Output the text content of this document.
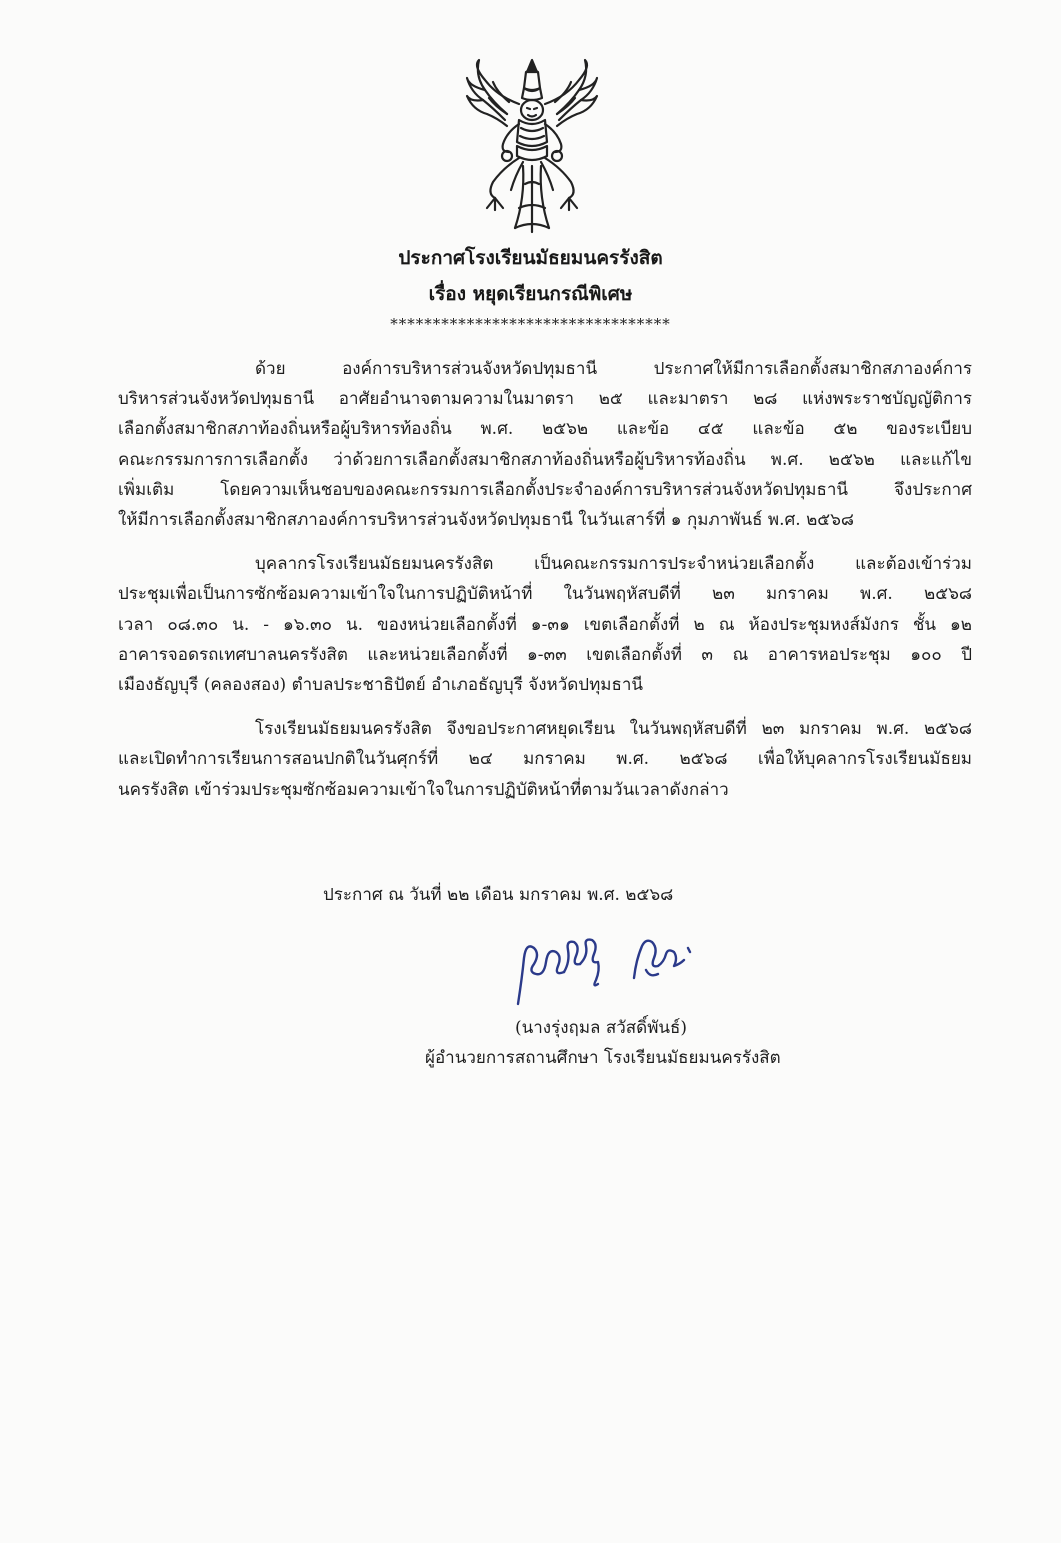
ประกาศโรงเรียนมัธยมนครรังสิต
เรื่อง หยุดเรียนกรณีพิเศษ
*********************************
ด้วย องค์การบริหารส่วนจังหวัดปทุมธานี ประกาศให้มีการเลือกตั้งสมาชิกสภาองค์การ
บริหารส่วนจังหวัดปทุมธานี อาศัยอำนาจตามความในมาตรา ๒๕ และมาตรา ๒๘ แห่งพระราชบัญญัติการ
เลือกตั้งสมาชิกสภาท้องถิ่นหรือผู้บริหารท้องถิ่น พ.ศ. ๒๕๖๒ และข้อ ๔๕ และข้อ ๕๒ ของระเบียบ
คณะกรรมการการเลือกตั้ง ว่าด้วยการเลือกตั้งสมาชิกสภาท้องถิ่นหรือผู้บริหารท้องถิ่น พ.ศ. ๒๕๖๒ และแก้ไข
เพิ่มเติม โดยความเห็นชอบของคณะกรรมการเลือกตั้งประจำองค์การบริหารส่วนจังหวัดปทุมธานี จึงประกาศ
ให้มีการเลือกตั้งสมาชิกสภาองค์การบริหารส่วนจังหวัดปทุมธานี ในวันเสาร์ที่ ๑ กุมภาพันธ์ พ.ศ. ๒๕๖๘
บุคลากรโรงเรียนมัธยมนครรังสิต เป็นคณะกรรมการประจำหน่วยเลือกตั้ง และต้องเข้าร่วม
ประชุมเพื่อเป็นการซักซ้อมความเข้าใจในการปฏิบัติหน้าที่ ในวันพฤหัสบดีที่ ๒๓ มกราคม พ.ศ. ๒๕๖๘
เวลา ๐๘.๓๐ น. - ๑๖.๓๐ น. ของหน่วยเลือกตั้งที่ ๑-๓๑ เขตเลือกตั้งที่ ๒ ณ ห้องประชุมหงส์มังกร ชั้น ๑๒
อาคารจอดรถเทศบาลนครรังสิต และหน่วยเลือกตั้งที่ ๑-๓๓ เขตเลือกตั้งที่ ๓ ณ อาคารหอประชุม ๑๐๐ ปี
เมืองธัญบุรี (คลองสอง) ตำบลประชาธิปัตย์ อำเภอธัญบุรี จังหวัดปทุมธานี
โรงเรียนมัธยมนครรังสิต จึงขอประกาศหยุดเรียน ในวันพฤหัสบดีที่ ๒๓ มกราคม พ.ศ. ๒๕๖๘
และเปิดทำการเรียนการสอนปกติในวันศุกร์ที่ ๒๔ มกราคม พ.ศ. ๒๕๖๘ เพื่อให้บุคลากรโรงเรียนมัธยม
นครรังสิต เข้าร่วมประชุมซักซ้อมความเข้าใจในการปฏิบัติหน้าที่ตามวันเวลาดังกล่าว
ประกาศ ณ วันที่ ๒๒ เดือน มกราคม พ.ศ. ๒๕๖๘
(นางรุ่งฤมล สวัสดิ์พันธ์)
ผู้อำนวยการสถานศึกษา โรงเรียนมัธยมนครรังสิต
